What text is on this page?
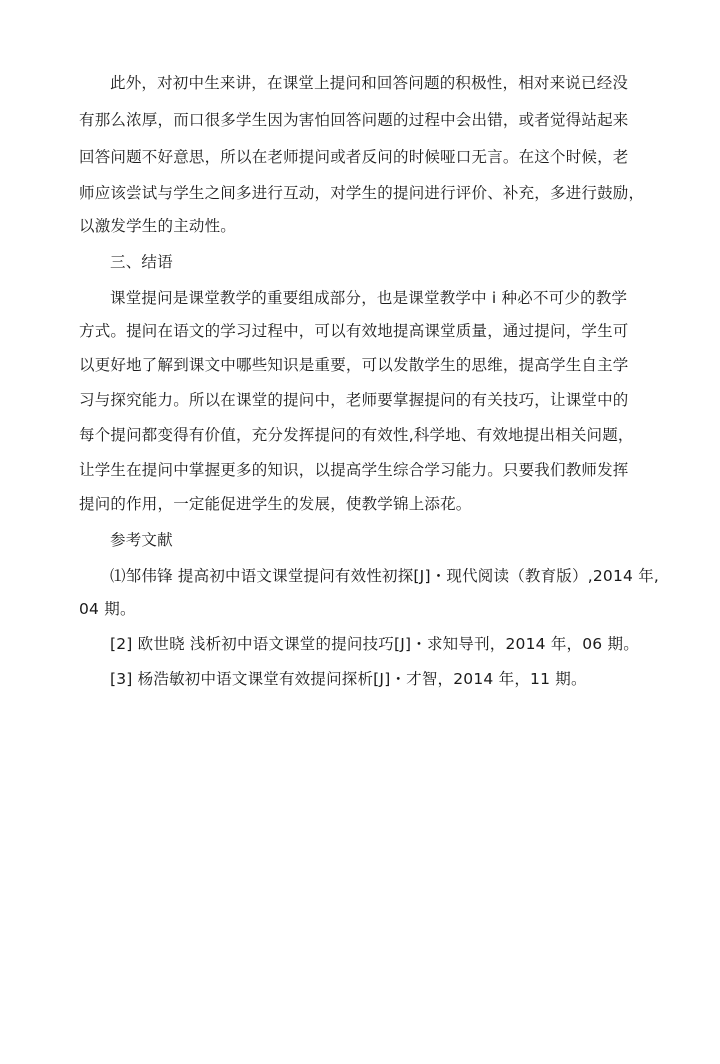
此外，对初中生来讲，在课堂上提问和回答问题的积极性，相对来说已经没
有那么浓厚，而口很多学生因为害怕回答问题的过程中会出错，或者觉得站起来
回答问题不好意思，所以在老师提问或者反问的时候哑口无言。在这个时候，老
师应该尝试与学生之间多进行互动，对学生的提问进行评价、补充，多进行鼓励，
以激发学生的主动性。
三、结语
课堂提问是课堂教学的重要组成部分，也是课堂教学中 i 种必不可少的教学
方式。提问在语文的学习过程中，可以有效地提高课堂质量，通过提问，学生可
以更好地了解到课文中哪些知识是重要，可以发散学生的思维，提高学生自主学
习与探究能力。所以在课堂的提问中，老师要掌握提问的有关技巧，让课堂中的
每个提问都变得有价值，充分发挥提问的有效性,科学地、有效地提出相关问题，
让学生在提问中掌握更多的知识，以提高学生综合学习能力。只要我们教师发挥
提问的作用，一定能促进学生的发展，使教学锦上添花。
参考文献
⑴邹伟锋 提高初中语文课堂提问有效性初探[J]・现代阅读（教育版）,2014 年,
04 期。
[2] 欧世晓 浅析初中语文课堂的提问技巧[J]・求知导刊，2014 年，06 期。
[3] 杨浩敏初中语文课堂有效提问探析[J]・才智，2014 年，11 期。
